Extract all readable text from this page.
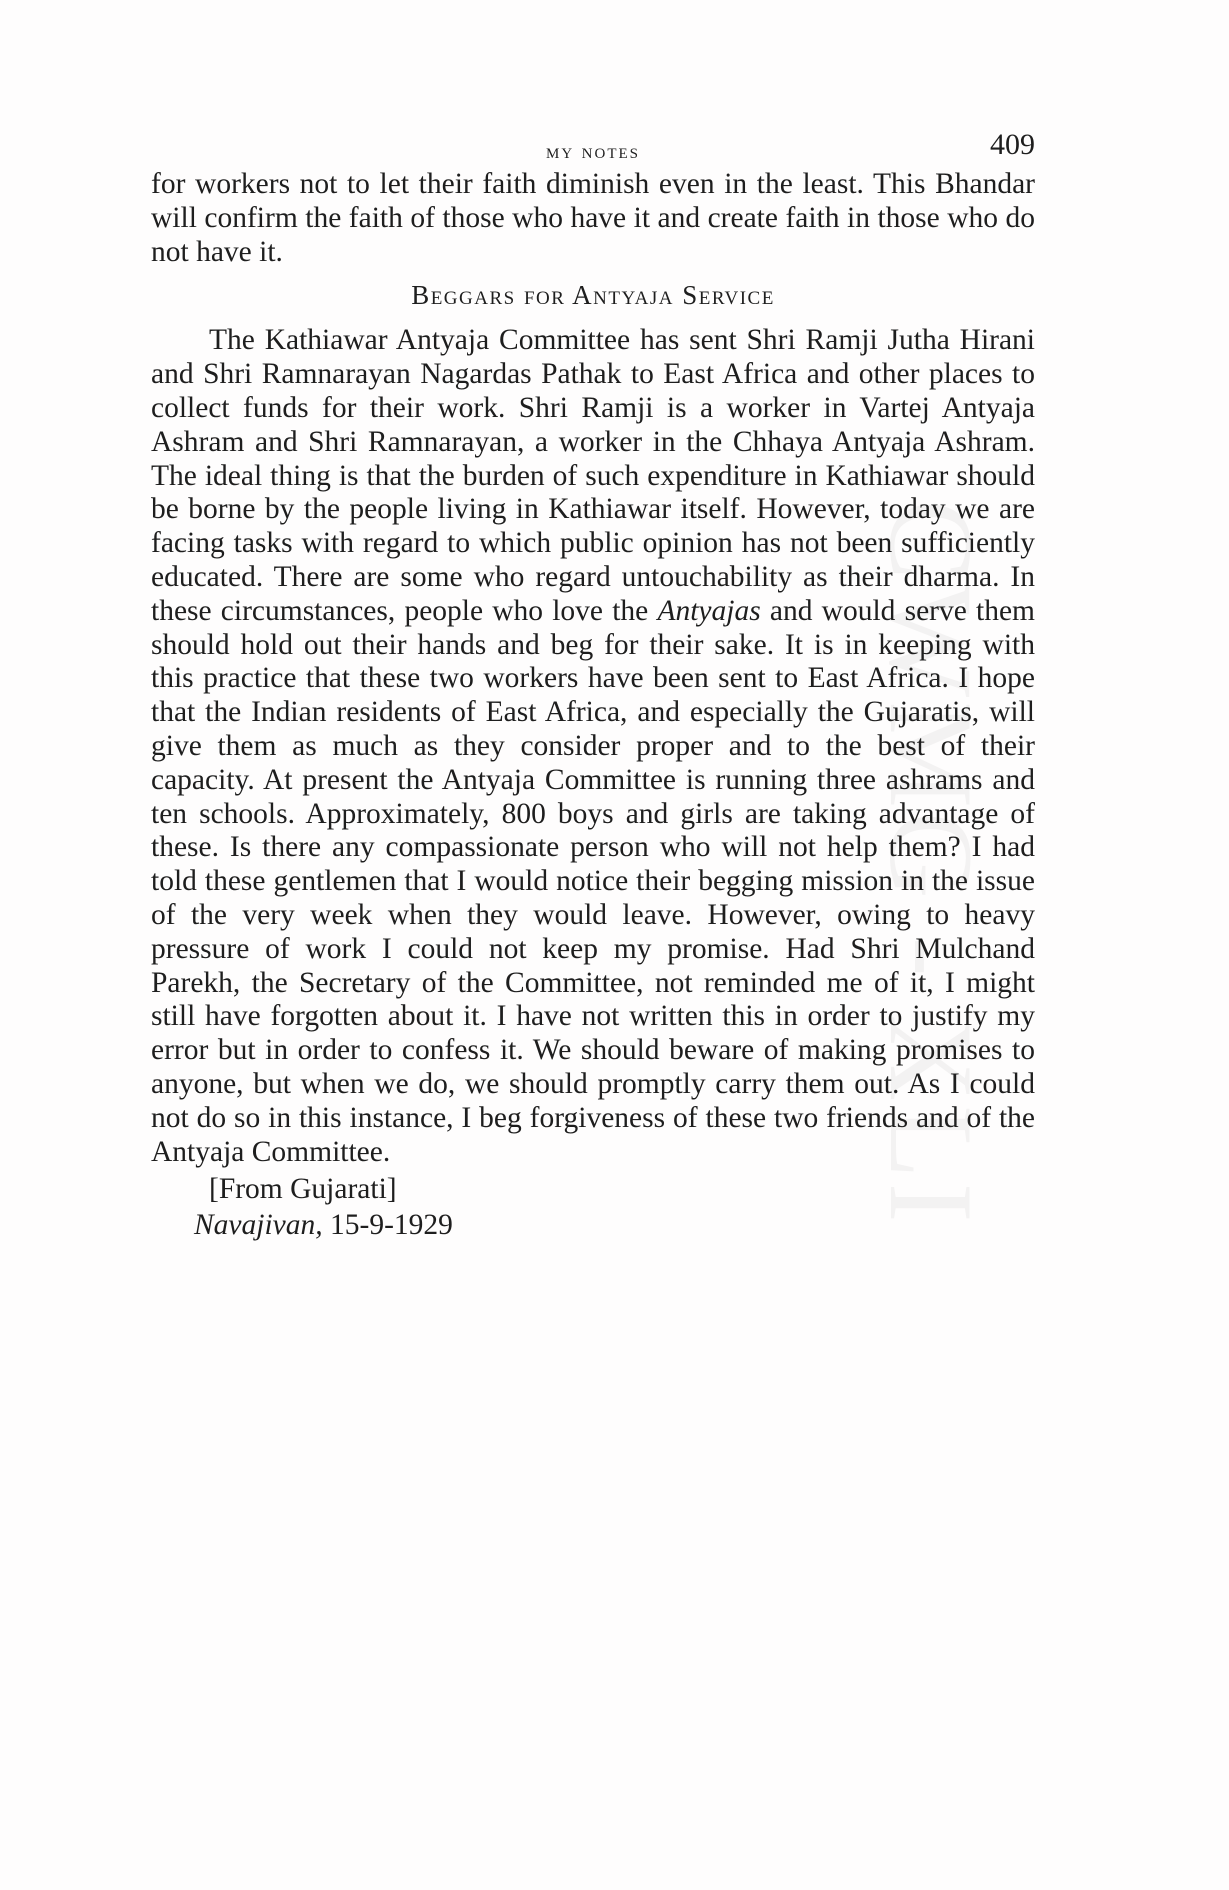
my notes	409

for workers not to let their faith diminish even in the least. This Bhandar will confirm the faith of those who have it and create faith in those who do not have it.

Beggars for Antyaja Service

The Kathiawar Antyaja Committee has sent Shri Ramji Jutha Hirani and Shri Ramnarayan Nagardas Pathak to East Africa and other places to collect funds for their work. Shri Ramji is a worker in Vartej Antyaja Ashram and Shri Ramnarayan, a worker in the Chhaya Antyaja Ashram. The ideal thing is that the burden of such expenditure in Kathiawar should be borne by the people living in Kathiawar itself. However, today we are facing tasks with regard to which public opinion has not been sufficiently educated. There are some who regard untouchability as their dharma. In these circumstances, people who love the Antyajas and would serve them should hold out their hands and beg for their sake. It is in keeping with this practice that these two workers have been sent to East Africa. I hope that the Indian residents of East Africa, and especially the Gujaratis, will give them as much as they consider proper and to the best of their capacity. At present the Antyaja Committee is running three ashrams and ten schools. Approximately, 800 boys and girls are taking advantage of these. Is there any compassionate person who will not help them? I had told these gentlemen that I would notice their begging mission in the issue of the very week when they would leave. However, owing to heavy pressure of work I could not keep my promise. Had Shri Mulchand Parekh, the Secretary of the Committee, not reminded me of it, I might still have forgotten about it. I have not written this in order to justify my error but in order to confess it. We should beware of making promises to anyone, but when we do, we should promptly carry them out. As I could not do so in this instance, I beg forgiveness of these two friends and of the Antyaja Committee.

[From Gujarati]

Navajivan, 15-9-1929
